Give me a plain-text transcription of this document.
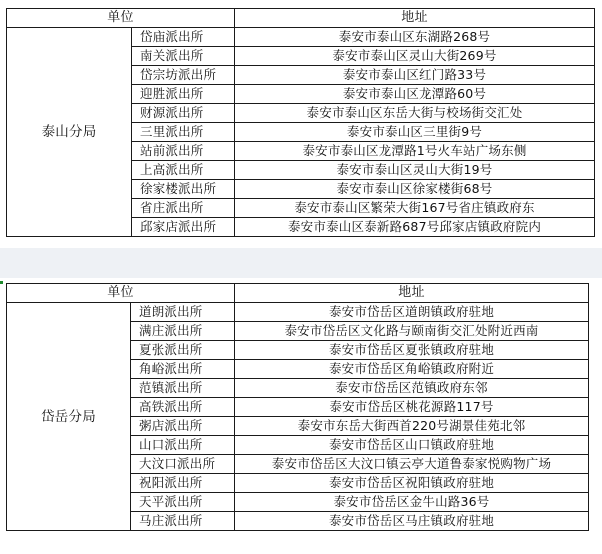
单位		地址
泰山分局	岱庙派出所	泰安市泰山区东湖路268号
	南关派出所	泰安市泰山区灵山大街269号
	岱宗坊派出所	泰安市泰山区红门路33号
	迎胜派出所	泰安市泰山区龙潭路60号
	财源派出所	泰安市泰山区东岳大街与校场街交汇处
	三里派出所	泰安市泰山区三里街9号
	站前派出所	泰安市泰山区龙潭路1号火车站广场东侧
	上高派出所	泰安市泰山区灵山大街19号
	徐家楼派出所	泰安市泰山区徐家楼街68号
	省庄派出所	泰安市泰山区繁荣大街167号省庄镇政府东
	邱家店派出所	泰安市泰山区泰新路687号邱家店镇政府院内
单位		地址
岱岳分局	道朗派出所	泰安市岱岳区道朗镇政府驻地
	满庄派出所	泰安市岱岳区文化路与颐南街交汇处附近西南
	夏张派出所	泰安市岱岳区夏张镇政府驻地
	角峪派出所	泰安市岱岳区角峪镇政府附近
	范镇派出所	泰安市岱岳区范镇政府东邻
	高铁派出所	泰安市岱岳区桃花源路117号
	粥店派出所	泰安市东岳大街西首220号湖景佳苑北邻
	山口派出所	泰安市岱岳区山口镇政府驻地
	大汶口派出所	泰安市岱岳区大汶口镇云亭大道鲁泰家悦购物广场
	祝阳派出所	泰安市岱岳区祝阳镇政府驻地
	天平派出所	泰安市岱岳区金牛山路36号
	马庄派出所	泰安市岱岳区马庄镇政府驻地
